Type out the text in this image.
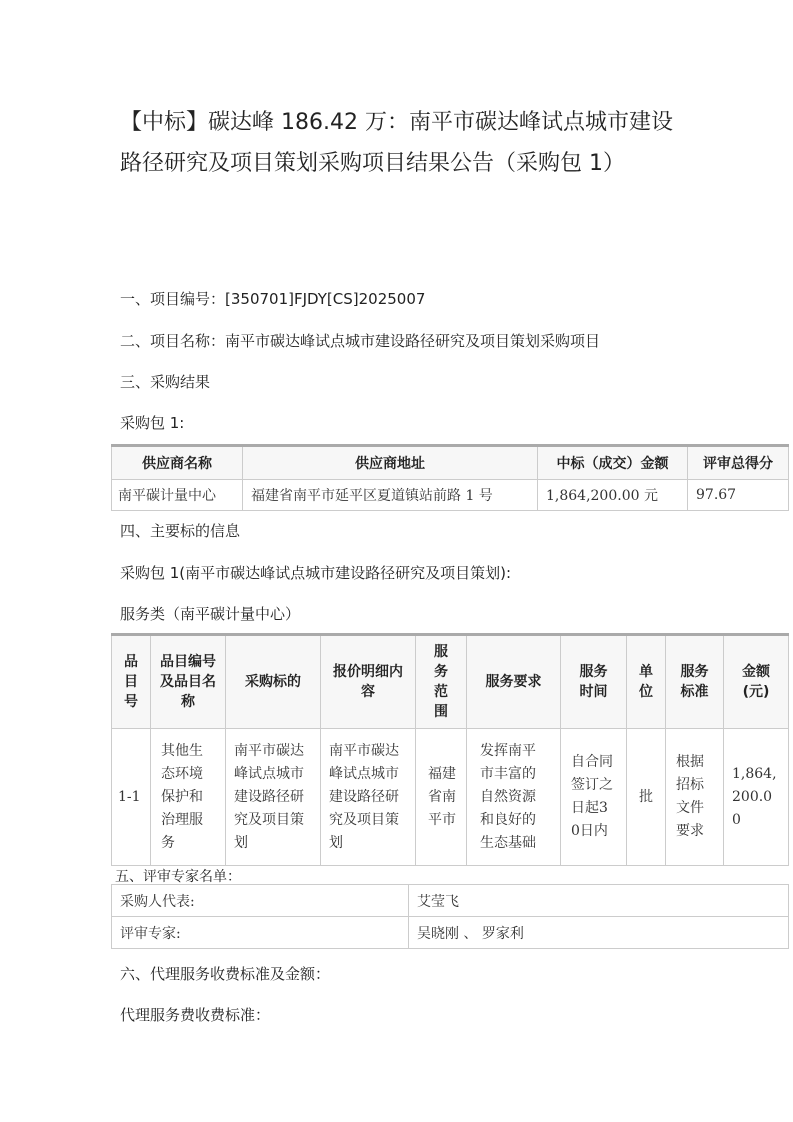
【中标】碳达峰 186.42 万：南平市碳达峰试点城市建设路径研究及项目策划采购项目结果公告（采购包 1）
一、项目编号：[350701]FJDY[CS]2025007
二、项目名称：南平市碳达峰试点城市建设路径研究及项目策划采购项目
三、采购结果
采购包 1:
供应商名称	供应商地址	中标（成交）金额	评审总得分
南平碳计量中心	福建省南平市延平区夏道镇站前路 1 号	1,864,200.00 元	97.67
四、主要标的信息
采购包 1(南平市碳达峰试点城市建设路径研究及项目策划):
服务类（南平碳计量中心）
品目号	品目编号及品目名称	采购标的	报价明细内容	服务范围	服务要求	服务时间	单位	服务标准	金额(元)
1-1	其他生态环境保护和治理服务	南平市碳达峰试点城市建设路径研究及项目策划	南平市碳达峰试点城市建设路径研究及项目策划	福建省南平市	发挥南平市丰富的自然资源和良好的生态基础	自合同签订之日起30日内	批	根据招标文件要求	1,864,200.00
五、评审专家名单：
采购人代表:	艾莹飞
评审专家:	吴晓刚 、 罗家利
六、代理服务收费标准及金额：
代理服务费收费标准：
